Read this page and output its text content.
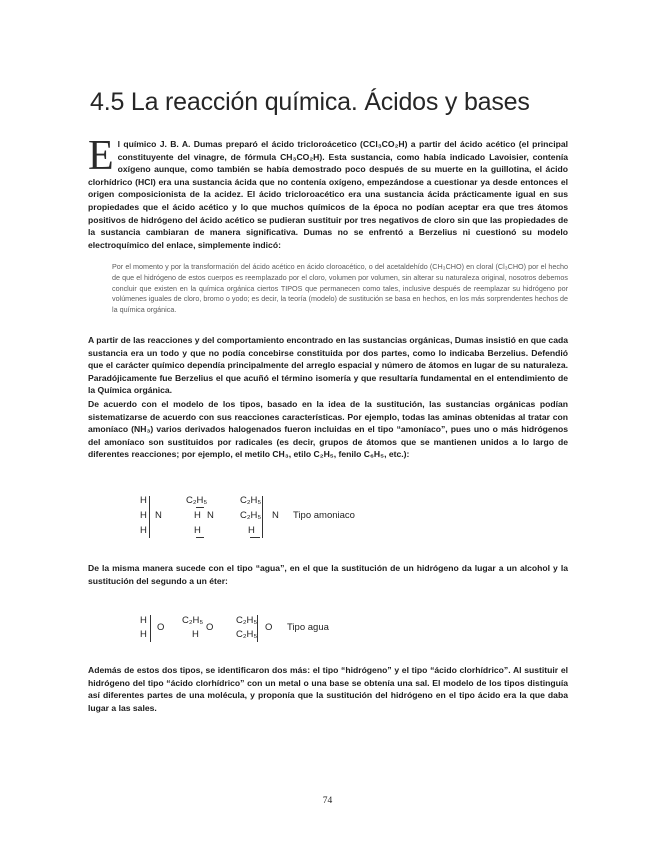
4.5 La reacción química. Ácidos y bases

El químico J. B. A. Dumas preparó el ácido tricloroácetico (CCl₃CO₂H) a partir del ácido acético (el principal constituyente del vinagre, de fórmula CH₃CO₂H). Esta sustancia, como había indicado Lavoisier, contenía oxígeno aunque, como también se había demostrado poco después de su muerte en la guillotina, el ácido clorhídrico (HCl) era una sustancia ácida que no contenía oxígeno, empezándose a cuestionar ya desde entonces el origen composicionista de la acidez. El ácido tricloroacético era una sustancia ácida prácticamente igual en sus propiedades que el ácido acético y lo que muchos químicos de la época no podían aceptar era que tres átomos positivos de hidrógeno del ácido acético se pudieran sustituir por tres negativos de cloro sin que las propiedades de la sustancia cambiaran de manera significativa. Dumas no se enfrentó a Berzelius ni cuestionó su modelo electroquímico del enlace, simplemente indicó:

Por el momento y por la transformación del ácido acético en ácido cloroacético, o del acetaldehído (CH₃CHO) en cloral (Cl₃CHO) por el hecho de que el hidrógeno de estos cuerpos es reemplazado por el cloro, volumen por volumen, sin alterar su naturaleza original, nosotros debemos concluir que existen en la química orgánica ciertos TIPOS que permanecen como tales, inclusive después de reemplazar su hidrógeno por volúmenes iguales de cloro, bromo o yodo; es decir, la teoría (modelo) de sustitución se basa en hechos, en los más sorprendentes hechos de la química orgánica.

A partir de las reacciones y del comportamiento encontrado en las sustancias orgánicas, Dumas insistió en que cada sustancia era un todo y que no podía concebirse constituida por dos partes, como lo indicaba Berzelius. Defendió que el carácter químico dependía principalmente del arreglo espacial y número de átomos en lugar de su naturaleza. Paradójicamente fue Berzelius el que acuñó el término isomería y que resultaría fundamental en el entendimiento de la Química orgánica.

De acuerdo con el modelo de los tipos, basado en la idea de la sustitución, las sustancias orgánicas podían sistematizarse de acuerdo con sus reacciones características. Por ejemplo, todas las aminas obtenidas al tratar con amoníaco (NH₃) varios derivados halogenados fueron incluidas en el tipo “amoníaco”, pues uno o más hidrógenos del amoníaco son sustituidos por radicales (es decir, grupos de átomos que se mantienen unidos a lo largo de diferentes reacciones; por ejemplo, el metilo CH₃, etilo C₂H₅, fenilo C₆H₅, etc.):

H
H
H
N
C₂H₅
H
H
N
C₂H₅
C₂H₅
H
N Tipo amoniaco

De la misma manera sucede con el tipo “agua”, en el que la sustitución de un hidrógeno da lugar a un alcohol y la sustitución del segundo a un éter:

H
H
O
C₂H₅
H
O
C₂H₅
C₂H₅
O Tipo agua

Además de estos dos tipos, se identificaron dos más: el tipo “hidrógeno” y el tipo “ácido clorhídrico”. Al sustituir el hidrógeno del tipo “ácido clorhídrico” con un metal o una base se obtenía una sal. El modelo de los tipos distinguía así diferentes partes de una molécula, y proponía que la sustitución del hidrógeno en el tipo ácido era la que daba lugar a las sales.

74
